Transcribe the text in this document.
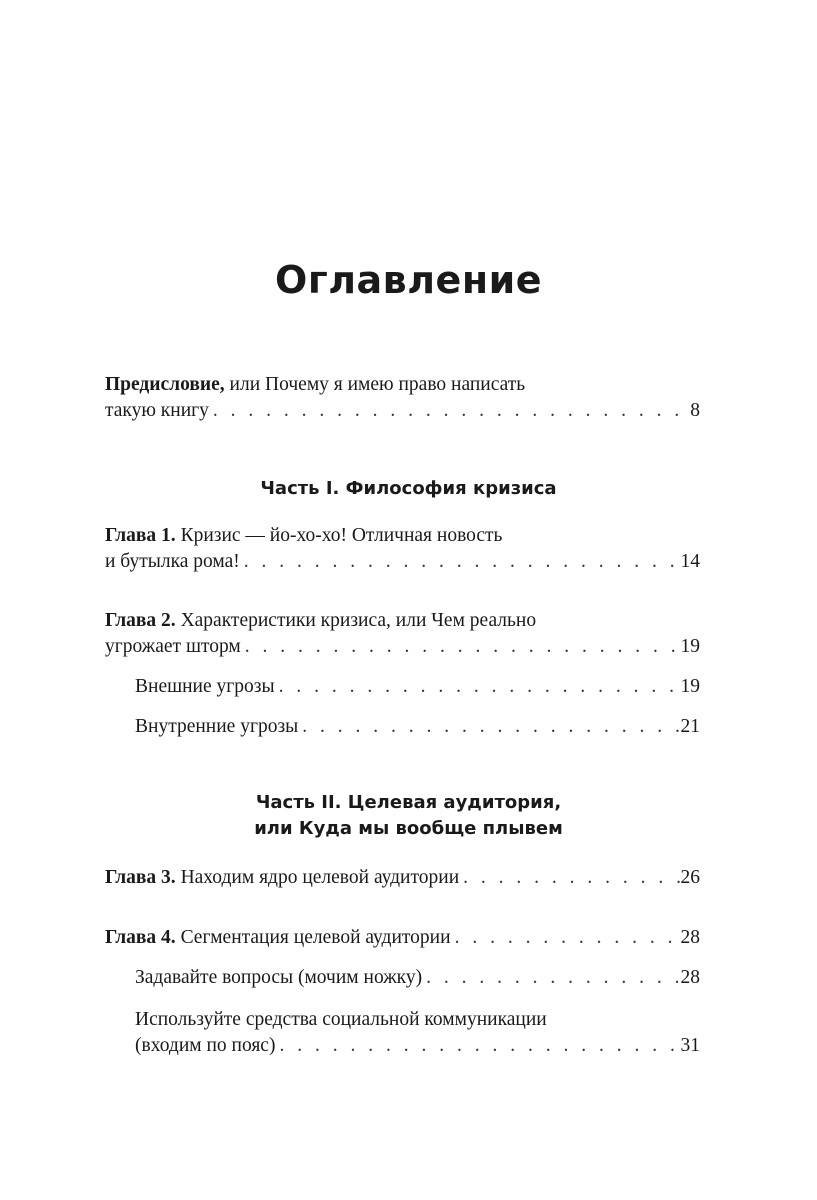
Оглавление
Предисловие, или Почему я имею право написать
такую книгу . . .	8
Часть I. Философия кризиса
Глава 1. Кризис — йо-хо-хо! Отличная новость
и бутылка рома! . . .	14
Глава 2. Характеристики кризиса, или Чем реально
угрожает шторм . . .	19
Внешние угрозы . . .	19
Внутренние угрозы . . .	21
Часть II. Целевая аудитория,
или Куда мы вообще плывем
Глава 3. Находим ядро целевой аудитории . . .	26
Глава 4. Сегментация целевой аудитории . . .	28
Задавайте вопросы (мочим ножку) . . .	28
Используйте средства социальной коммуникации
(входим по пояс) . . .	31
